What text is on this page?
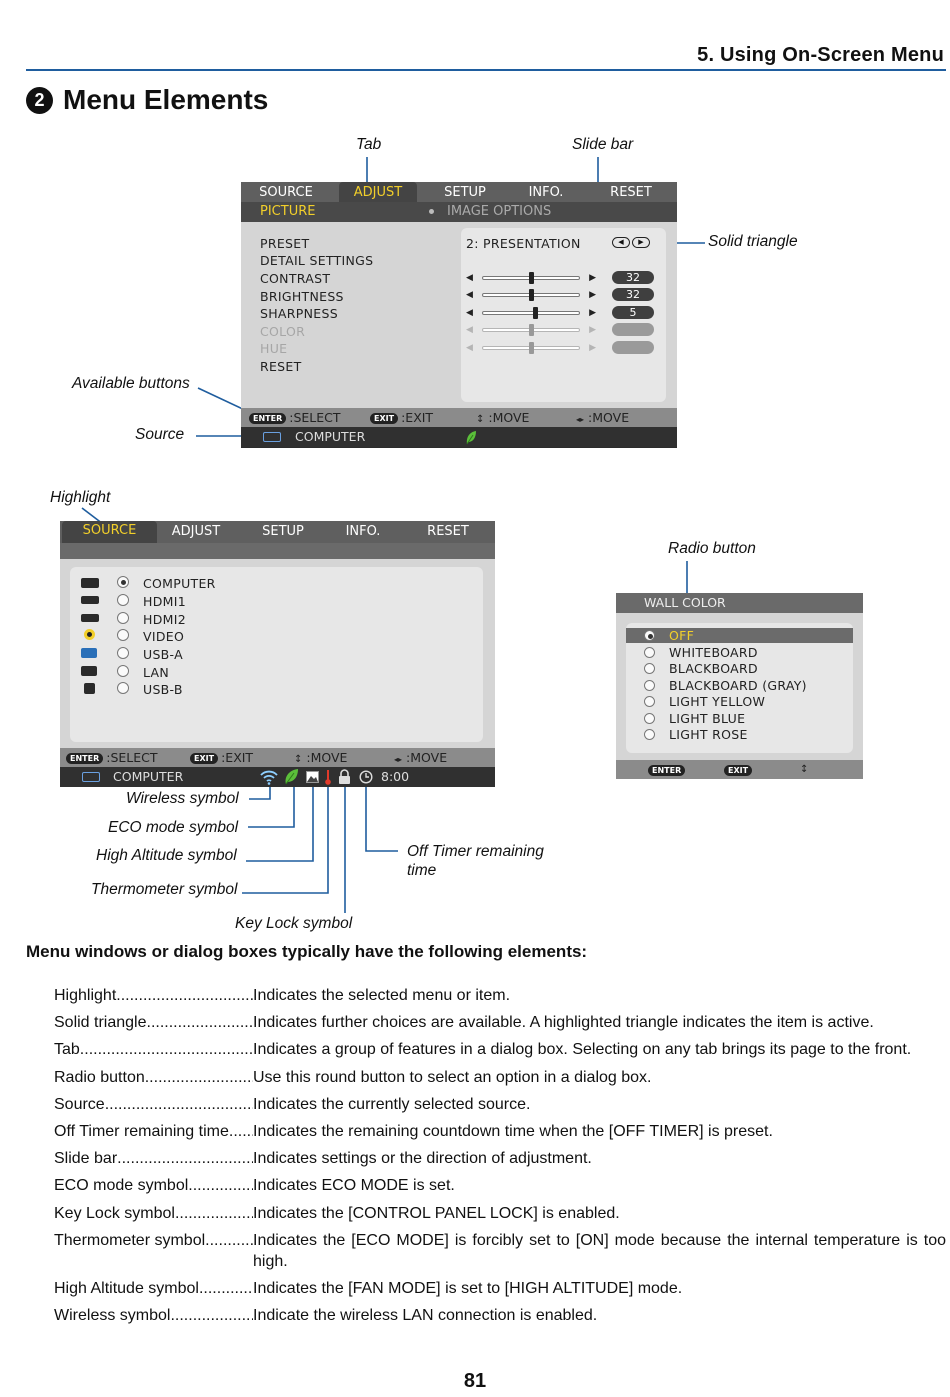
5. Using On-Screen Menu
2 Menu Elements
Tab	Slide bar
Solid triangle
Available buttons
Source
Highlight
Radio button
Wireless symbol
ECO mode symbol
High Altitude symbol
Thermometer symbol
Key Lock symbol
Off Timer remaining time
SOURCE	ADJUST	SETUP	INFO.	RESET
PICTURE	IMAGE OPTIONS
PRESET
DETAIL SETTINGS
CONTRAST
BRIGHTNESS
SHARPNESS
COLOR
HUE
RESET
2: PRESENTATION	◀	▶
◀	▶	32
◀	▶	32
◀	▶	5
◀	▶
◀	▶
ENTER :SELECT	EXIT :EXIT	↕ :MOVE	◂▸ :MOVE
COMPUTER
SOURCE	ADJUST	SETUP	INFO.	RESET
COMPUTER
HDMI1
HDMI2
VIDEO
USB-A
LAN
USB-B
ENTER :SELECT	EXIT :EXIT	↕ :MOVE	◂▸ :MOVE
COMPUTER	8:00
WALL COLOR
OFF
WHITEBOARD
BLACKBOARD
BLACKBOARD (GRAY)
LIGHT YELLOW
LIGHT BLUE
LIGHT ROSE
ENTER	EXIT	↕
Menu windows or dialog boxes typically have the following elements:
Highlight .....	Indicates the selected menu or item.
Solid triangle .....	Indicates further choices are available. A highlighted triangle indicates the item is active.
Tab .....	Indicates a group of features in a dialog box. Selecting on any tab brings its page to the front.
Radio button .....	Use this round button to select an option in a dialog box.
Source .....	Indicates the currently selected source.
Off Timer remaining time ..... Indicates the remaining countdown time when the [OFF TIMER] is preset.
Slide bar .....	Indicates settings or the direction of adjustment.
ECO mode symbol .....	Indicates ECO MODE is set.
Key Lock symbol .....	Indicates the [CONTROL PANEL LOCK] is enabled.
Thermometer symbol .....	Indicates the [ECO MODE] is forcibly set to [ON] mode because the internal temperature is too high.
High Altitude symbol .....	Indicates the [FAN MODE] is set to [HIGH ALTITUDE] mode.
Wireless symbol .....	Indicate the wireless LAN connection is enabled.
81
